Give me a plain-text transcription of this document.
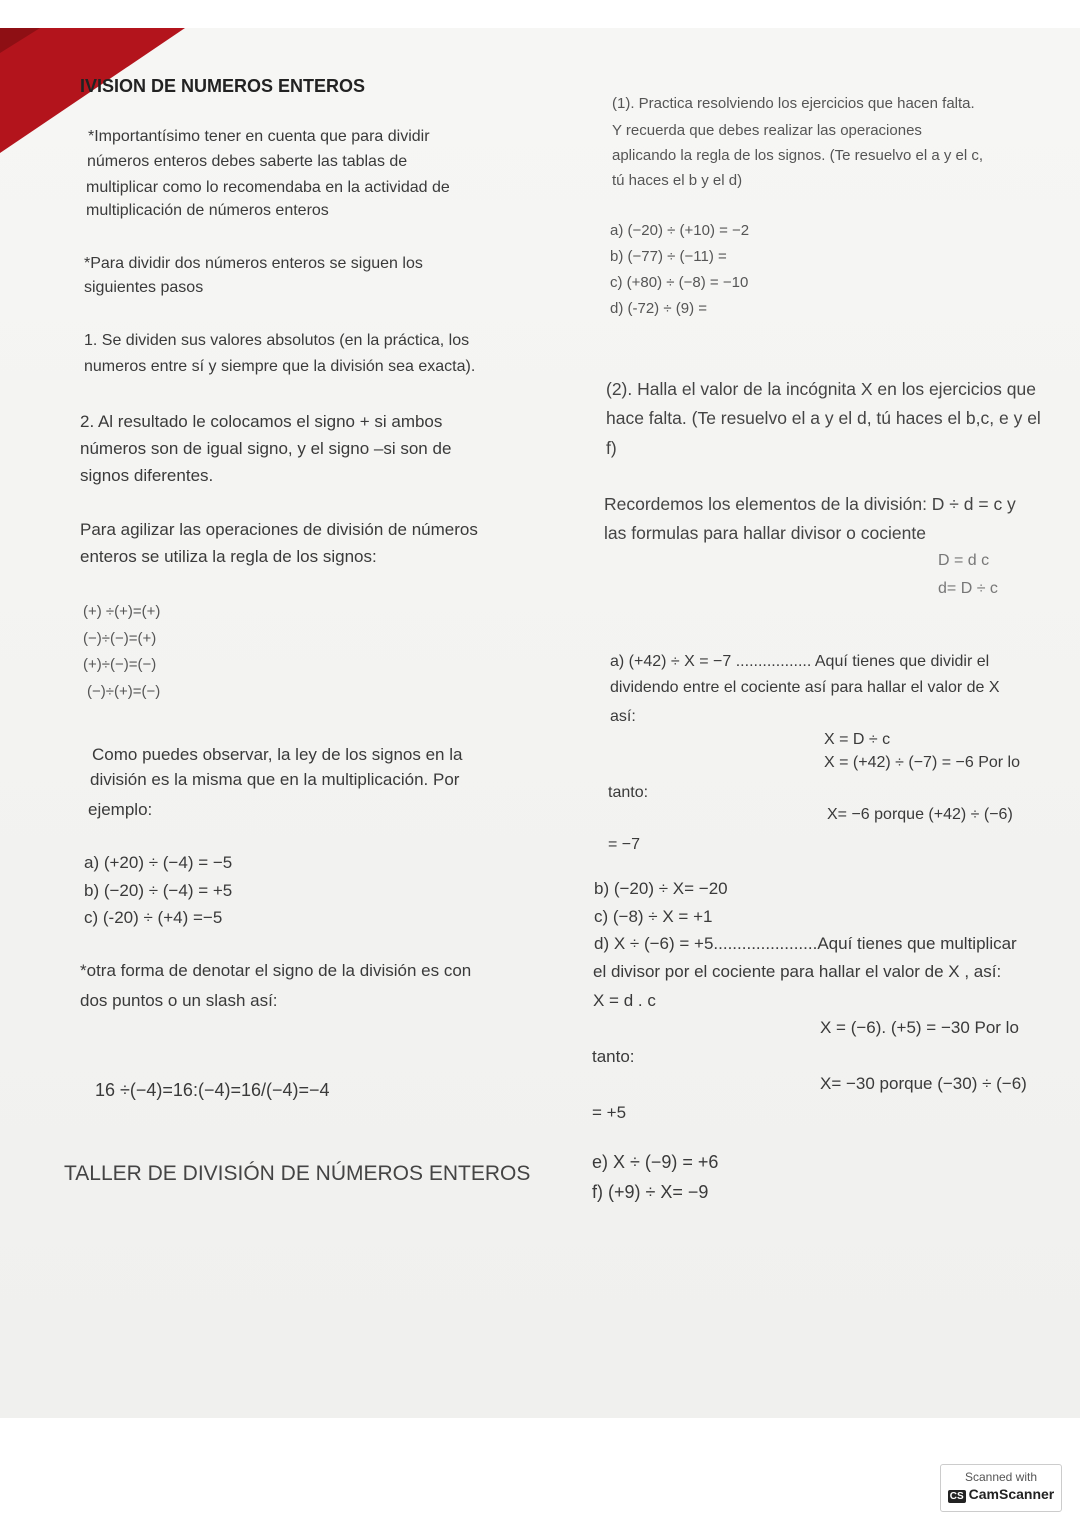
IVISION DE NUMEROS ENTEROS
*Importantísimo tener en cuenta que para dividir
números enteros debes saberte las tablas de
multiplicar como lo recomendaba en la actividad de
multiplicación de números enteros
*Para dividir dos números enteros se siguen los
siguientes pasos
1. Se dividen sus valores absolutos (en la práctica, los
numeros entre sí y siempre que la división sea exacta).
2. Al resultado le colocamos el signo + si ambos
números son de igual signo, y el signo –si son de
signos diferentes.
Para agilizar las operaciones de división de números
enteros se utiliza la regla de los signos:
(+) ÷(+)=(+)
(−)÷(−)=(+)
(+)÷(−)=(−)
(−)÷(+)=(−)
Como puedes observar, la ley de los signos en la
división es la misma que en la multiplicación. Por
ejemplo:
a) (+20) ÷ (−4) = −5
b) (−20) ÷ (−4) = +5
c) (-20) ÷ (+4) =−5
*otra forma de denotar el signo de la división es con
dos puntos o un slash así:
16 ÷(−4)=16:(−4)=16/(−4)=−4
TALLER DE DIVISIÓN DE NÚMEROS ENTEROS
(1). Practica resolviendo los ejercicios que hacen falta.
Y recuerda que debes realizar las operaciones
aplicando la regla de los signos. (Te resuelvo el a y el c,
tú haces el b y el d)
a) (−20) ÷ (+10) = −2
b) (−77) ÷ (−11) =
c) (+80) ÷ (−8) = −10
d) (-72) ÷ (9) =
(2). Halla el valor de la incógnita X en los ejercicios que
hace falta. (Te resuelvo el a y el d, tú haces el b,c, e y el
f)
Recordemos los elementos de la división: D ÷ d = c y
las formulas para hallar divisor o cociente
D = d c
d= D ÷ c
a) (+42) ÷ X = −7 ................. Aquí tienes que dividir el
dividendo entre el cociente así para hallar el valor de X
así:
X = D ÷ c
X = (+42) ÷ (−7) = −6 Por lo
tanto:
X= −6 porque (+42) ÷ (−6)
= −7
b) (−20) ÷ X= −20
c) (−8) ÷ X = +1
d) X ÷ (−6) = +5......................Aquí tienes que multiplicar
el divisor por el cociente para hallar el valor de X , así:
X = d . c
X = (−6). (+5) = −30 Por lo
tanto:
X= −30 porque (−30) ÷ (−6)
= +5
e) X ÷ (−9) = +6
f) (+9) ÷ X= −9
Scanned with
CS CamScanner
